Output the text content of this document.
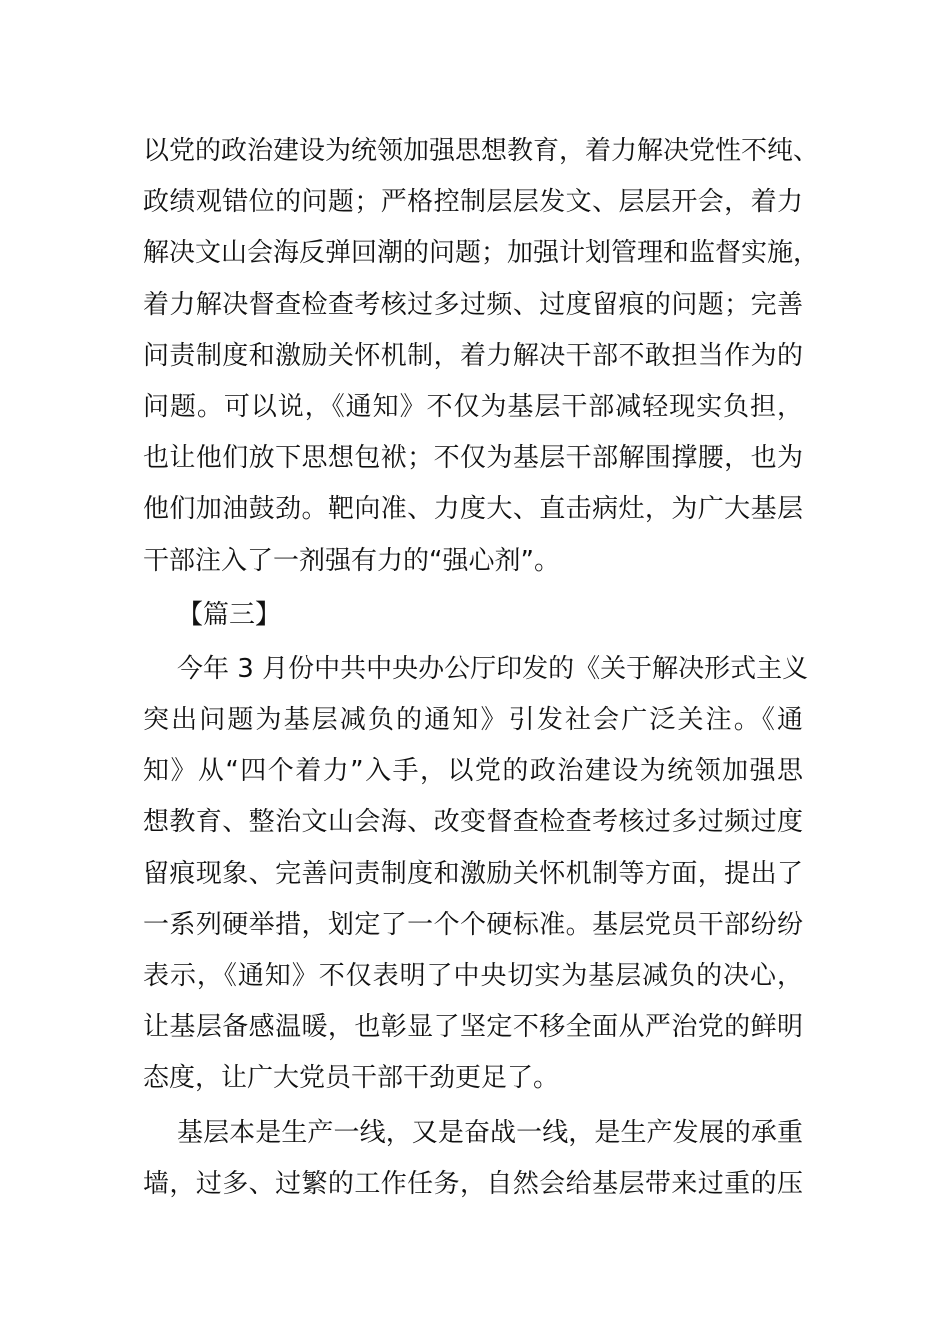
以党的政治建设为统领加强思想教育，着力解决党性不纯、
政绩观错位的问题；严格控制层层发文、层层开会，着力
解决文山会海反弹回潮的问题；加强计划管理和监督实施，
着力解决督查检查考核过多过频、过度留痕的问题；完善
问责制度和激励关怀机制，着力解决干部不敢担当作为的
问题。可以说，《通知》不仅为基层干部减轻现实负担，
也让他们放下思想包袱；不仅为基层干部解围撑腰，也为
他们加油鼓劲。靶向准、力度大、直击病灶，为广大基层
干部注入了一剂强有力的“强心剂”。
【篇三】
今年 3 月份中共中央办公厅印发的《关于解决形式主义
突出问题为基层减负的通知》引发社会广泛关注。《通
知》从“四个着力”入手，以党的政治建设为统领加强思
想教育、整治文山会海、改变督查检查考核过多过频过度
留痕现象、完善问责制度和激励关怀机制等方面，提出了
一系列硬举措，划定了一个个硬标准。基层党员干部纷纷
表示，《通知》不仅表明了中央切实为基层减负的决心，
让基层备感温暖，也彰显了坚定不移全面从严治党的鲜明
态度，让广大党员干部干劲更足了。
基层本是生产一线，又是奋战一线，是生产发展的承重
墙，过多、过繁的工作任务，自然会给基层带来过重的压
